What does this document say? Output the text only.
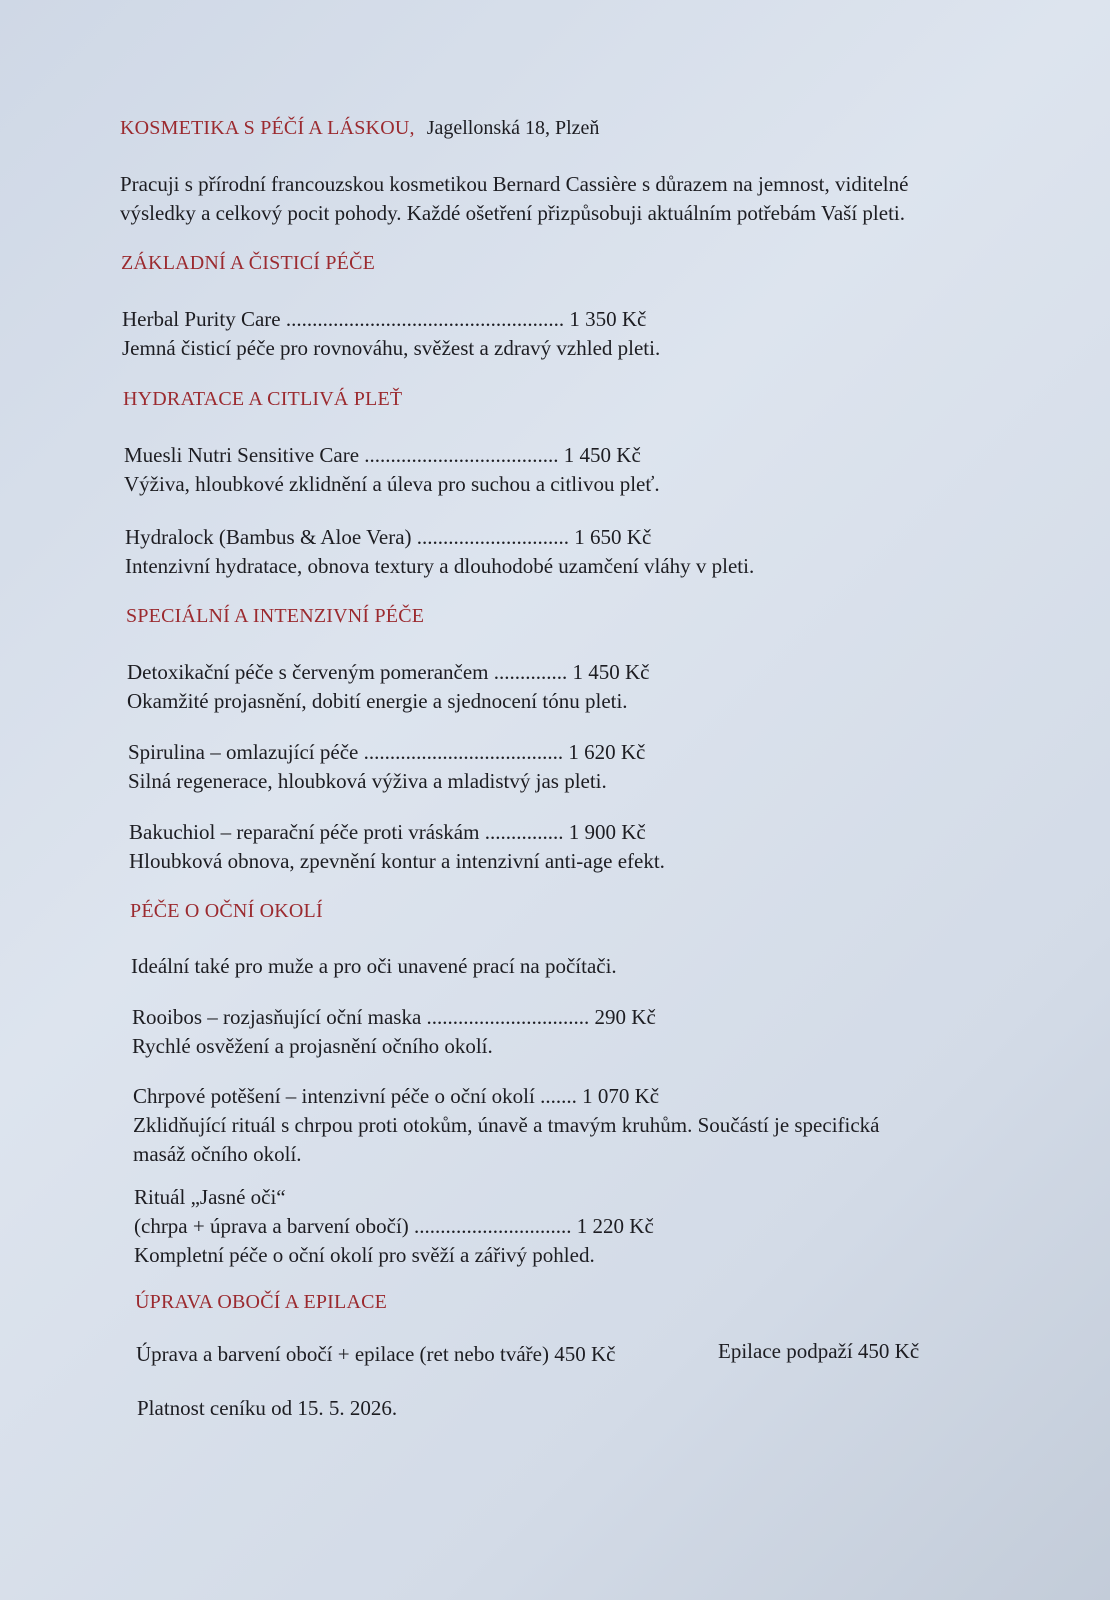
KOSMETIKA S PÉČÍ A LÁSKOU, Jagellonská 18, Plzeň
Pracuji s přírodní francouzskou kosmetikou Bernard Cassière s důrazem na jemnost, viditelné
výsledky a celkový pocit pohody. Každé ošetření přizpůsobuji aktuálním potřebám Vaší pleti.
ZÁKLADNÍ A ČISTICÍ PÉČE
Herbal Purity Care ..................................................... 1 350 Kč
Jemná čisticí péče pro rovnováhu, svěžest a zdravý vzhled pleti.
HYDRATACE A CITLIVÁ PLEŤ
Muesli Nutri Sensitive Care ..................................... 1 450 Kč
Výživa, hloubkové zklidnění a úleva pro suchou a citlivou pleť.
Hydralock (Bambus & Aloe Vera) ............................. 1 650 Kč
Intenzivní hydratace, obnova textury a dlouhodobé uzamčení vláhy v pleti.
SPECIÁLNÍ A INTENZIVNÍ PÉČE
Detoxikační péče s červeným pomerančem .............. 1 450 Kč
Okamžité projasnění, dobití energie a sjednocení tónu pleti.
Spirulina – omlazující péče ...................................... 1 620 Kč
Silná regenerace, hloubková výživa a mladistvý jas pleti.
Bakuchiol – reparační péče proti vráskám ............... 1 900 Kč
Hloubková obnova, zpevnění kontur a intenzivní anti-age efekt.
PÉČE O OČNÍ OKOLÍ
Ideální také pro muže a pro oči unavené prací na počítači.
Rooibos – rozjasňující oční maska ............................... 290 Kč
Rychlé osvěžení a projasnění očního okolí.
Chrpové potěšení – intenzivní péče o oční okolí ....... 1 070 Kč
Zklidňující rituál s chrpou proti otokům, únavě a tmavým kruhům. Součástí je specifická
masáž očního okolí.
Rituál „Jasné oči“
(chrpa + úprava a barvení obočí) .............................. 1 220 Kč
Kompletní péče o oční okolí pro svěží a zářivý pohled.
ÚPRAVA OBOČÍ A EPILACE
Úprava a barvení obočí + epilace (ret nebo tváře) 450 Kč	Epilace podpaží 450 Kč
Platnost ceníku od 15. 5. 2026.
